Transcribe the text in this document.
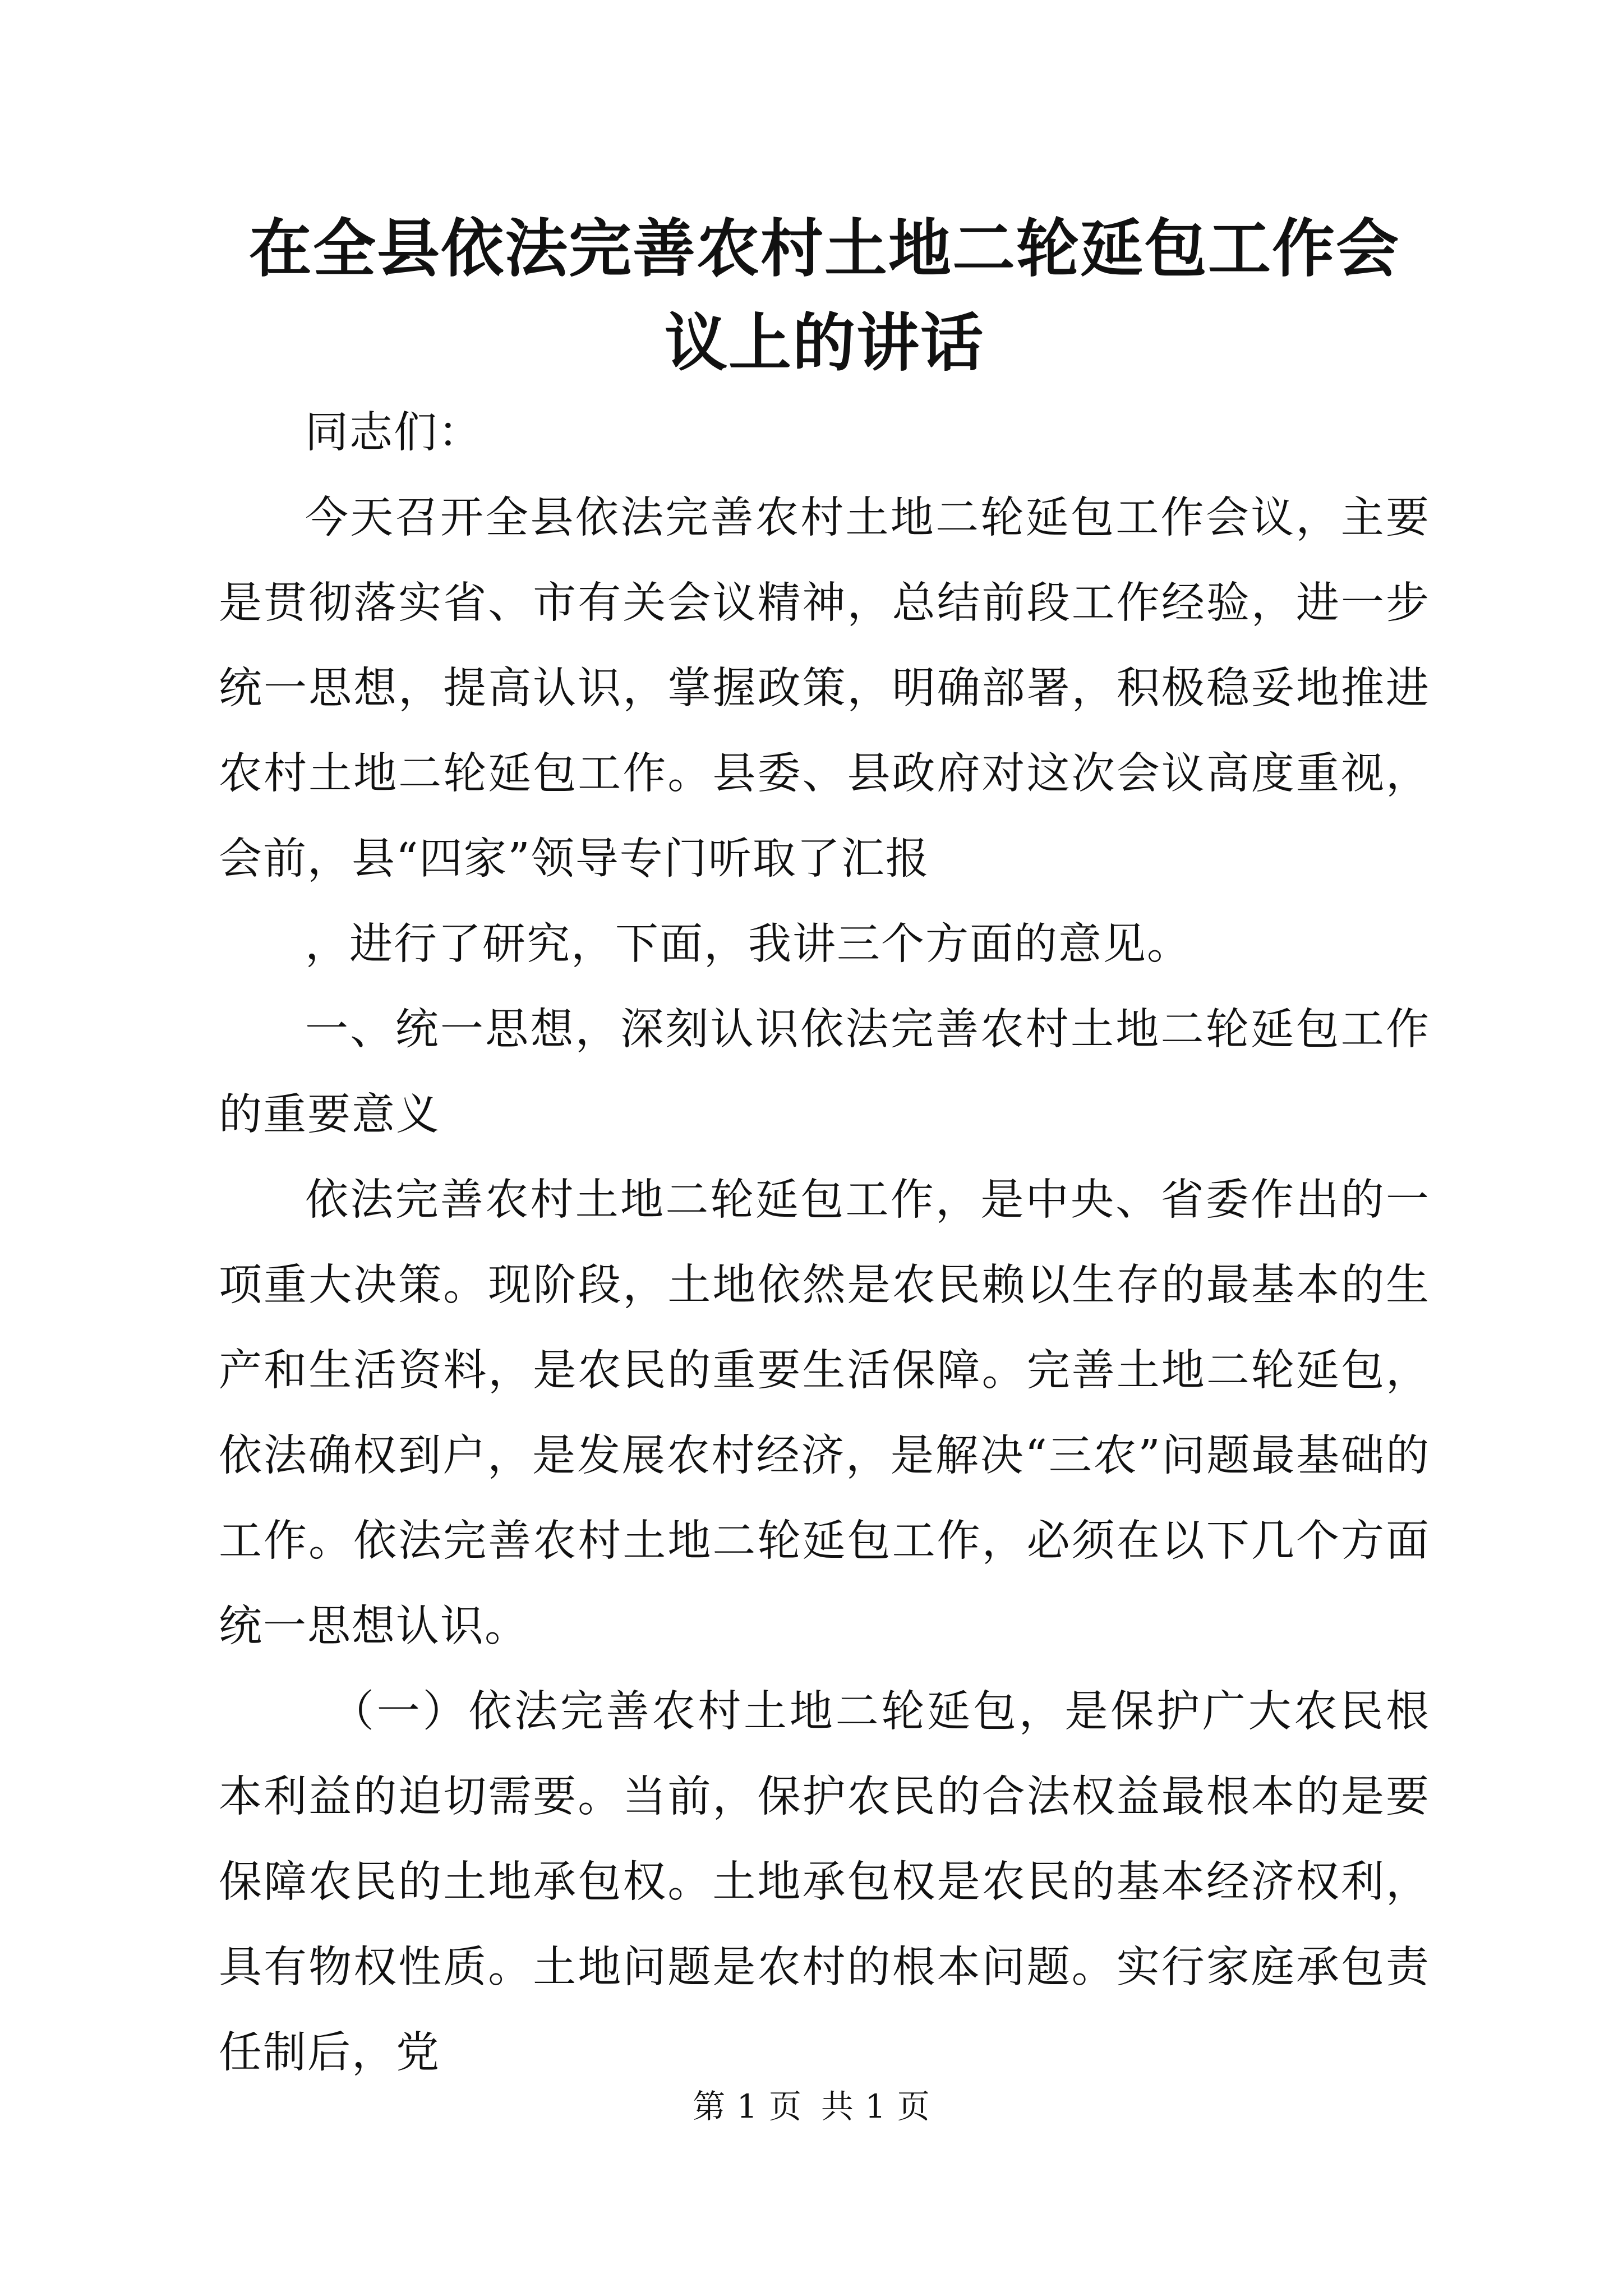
在全县依法完善农村土地二轮延包工作会议上的讲话

同志们：

今天召开全县依法完善农村土地二轮延包工作会议，主要是贯彻落实省、市有关会议精神，总结前段工作经验，进一步统一思想，提高认识，掌握政策，明确部署，积极稳妥地推进农村土地二轮延包工作。县委、县政府对这次会议高度重视，会前，县“四家”领导专门听取了汇报

，进行了研究，下面，我讲三个方面的意见。

一、统一思想，深刻认识依法完善农村土地二轮延包工作的重要意义

依法完善农村土地二轮延包工作，是中央、省委作出的一项重大决策。现阶段，土地依然是农民赖以生存的最基本的生产和生活资料，是农民的重要生活保障。完善土地二轮延包，依法确权到户，是发展农村经济，是解决“三农”问题最基础的工作。依法完善农村土地二轮延包工作，必须在以下几个方面统一思想认识。

（一）依法完善农村土地二轮延包，是保护广大农民根本利益的迫切需要。当前，保护农民的合法权益最根本的是要保障农民的土地承包权。土地承包权是农民的基本经济权利，具有物权性质。土地问题是农村的根本问题。实行家庭承包责任制后，党

第 1 页 共 1 页
